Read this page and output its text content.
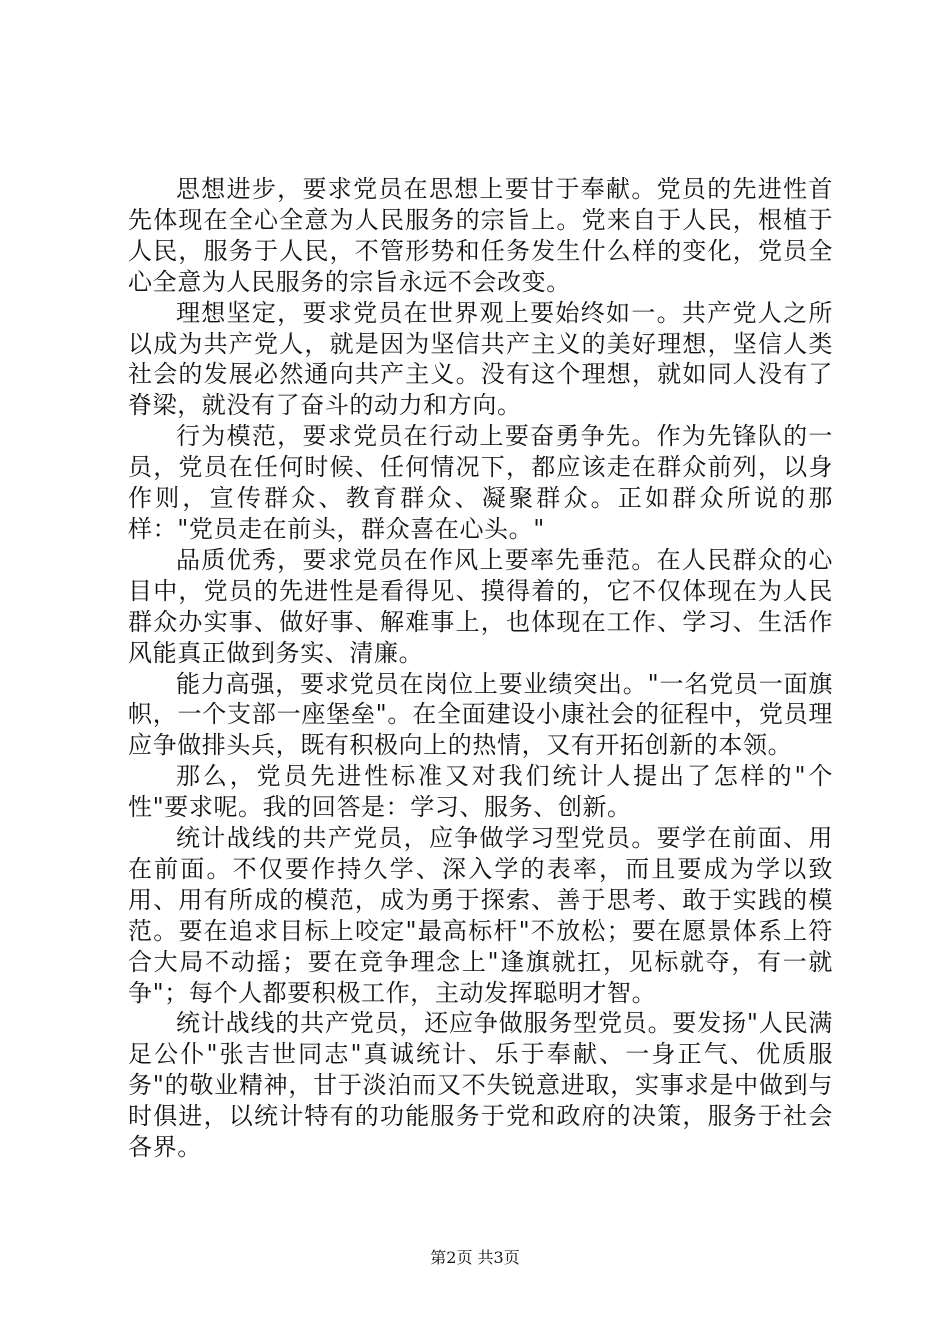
思想进步，要求党员在思想上要甘于奉献。党员的先进性首先体现在全心全意为人民服务的宗旨上。党来自于人民，根植于人民，服务于人民，不管形势和任务发生什么样的变化，党员全心全意为人民服务的宗旨永远不会改变。

理想坚定，要求党员在世界观上要始终如一。共产党人之所以成为共产党人，就是因为坚信共产主义的美好理想，坚信人类社会的发展必然通向共产主义。没有这个理想，就如同人没有了脊梁，就没有了奋斗的动力和方向。

行为模范，要求党员在行动上要奋勇争先。作为先锋队的一员，党员在任何时候、任何情况下，都应该走在群众前列，以身作则，宣传群众、教育群众、凝聚群众。正如群众所说的那样："党员走在前头，群众喜在心头。"

品质优秀，要求党员在作风上要率先垂范。在人民群众的心目中，党员的先进性是看得见、摸得着的，它不仅体现在为人民群众办实事、做好事、解难事上，也体现在工作、学习、生活作风能真正做到务实、清廉。

能力高强，要求党员在岗位上要业绩突出。"一名党员一面旗帜，一个支部一座堡垒"。在全面建设小康社会的征程中，党员理应争做排头兵，既有积极向上的热情，又有开拓创新的本领。

那么，党员先进性标准又对我们统计人提出了怎样的"个性"要求呢。我的回答是：学习、服务、创新。

统计战线的共产党员，应争做学习型党员。要学在前面、用在前面。不仅要作持久学、深入学的表率，而且要成为学以致用、用有所成的模范，成为勇于探索、善于思考、敢于实践的模范。要在追求目标上咬定"最高标杆"不放松；要在愿景体系上符合大局不动摇；要在竞争理念上"逢旗就扛，见标就夺，有一就争"；每个人都要积极工作，主动发挥聪明才智。

统计战线的共产党员，还应争做服务型党员。要发扬"人民满足公仆"张吉世同志"真诚统计、乐于奉献、一身正气、优质服务"的敬业精神，甘于淡泊而又不失锐意进取，实事求是中做到与时俱进，以统计特有的功能服务于党和政府的决策，服务于社会各界。

第2页 共3页
